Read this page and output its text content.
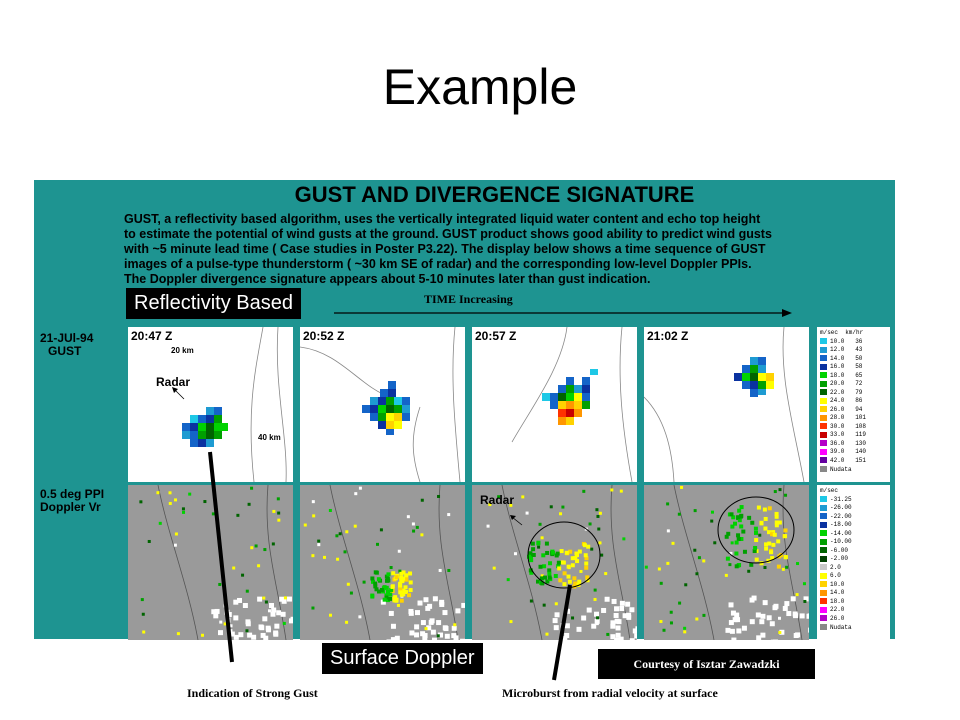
Example
GUST AND DIVERGENCE SIGNATURE
GUST, a reflectivity based algorithm, uses the vertically integrated liquid water content and echo top height
to estimate the potential of wind gusts at the ground. GUST product shows good ability to predict wind gusts
with ~5 minute lead time ( Case studies in Poster P3.22). The display below shows a time sequence of GUST
images of a pulse-type thunderstorm ( ~30 km SE of radar) and the corresponding low-level Doppler PPIs.
The Doppler divergence signature appears about 5-10 minutes later than gust indication.
TIME Increasing
21-JUl-94
GUST
0.5 deg PPI
Doppler Vr
20:47 Z
20 km
Radar
40 km
20:52 Z	20:57 Z	21:02 Z	m/sec  km/hr
10.0   36
12.0   43
14.0   50
16.0   58
18.0   65
20.0   72
22.0   79
24.0   86
26.0   94
28.0   101
30.0   108
33.0   119
36.0   130
39.0   140
42.0   151
Nudata
Radar
m/sec
-31.25
-26.00
-22.00
-18.00
-14.00
-10.00
-6.00
-2.00
2.0
6.0
10.0
14.0
18.0
22.0
26.0
Nudata
Reflectivity Based
Surface Doppler	Courtesy of Isztar Zawadzki
Indication of Strong Gust	Microburst from radial velocity at surface
